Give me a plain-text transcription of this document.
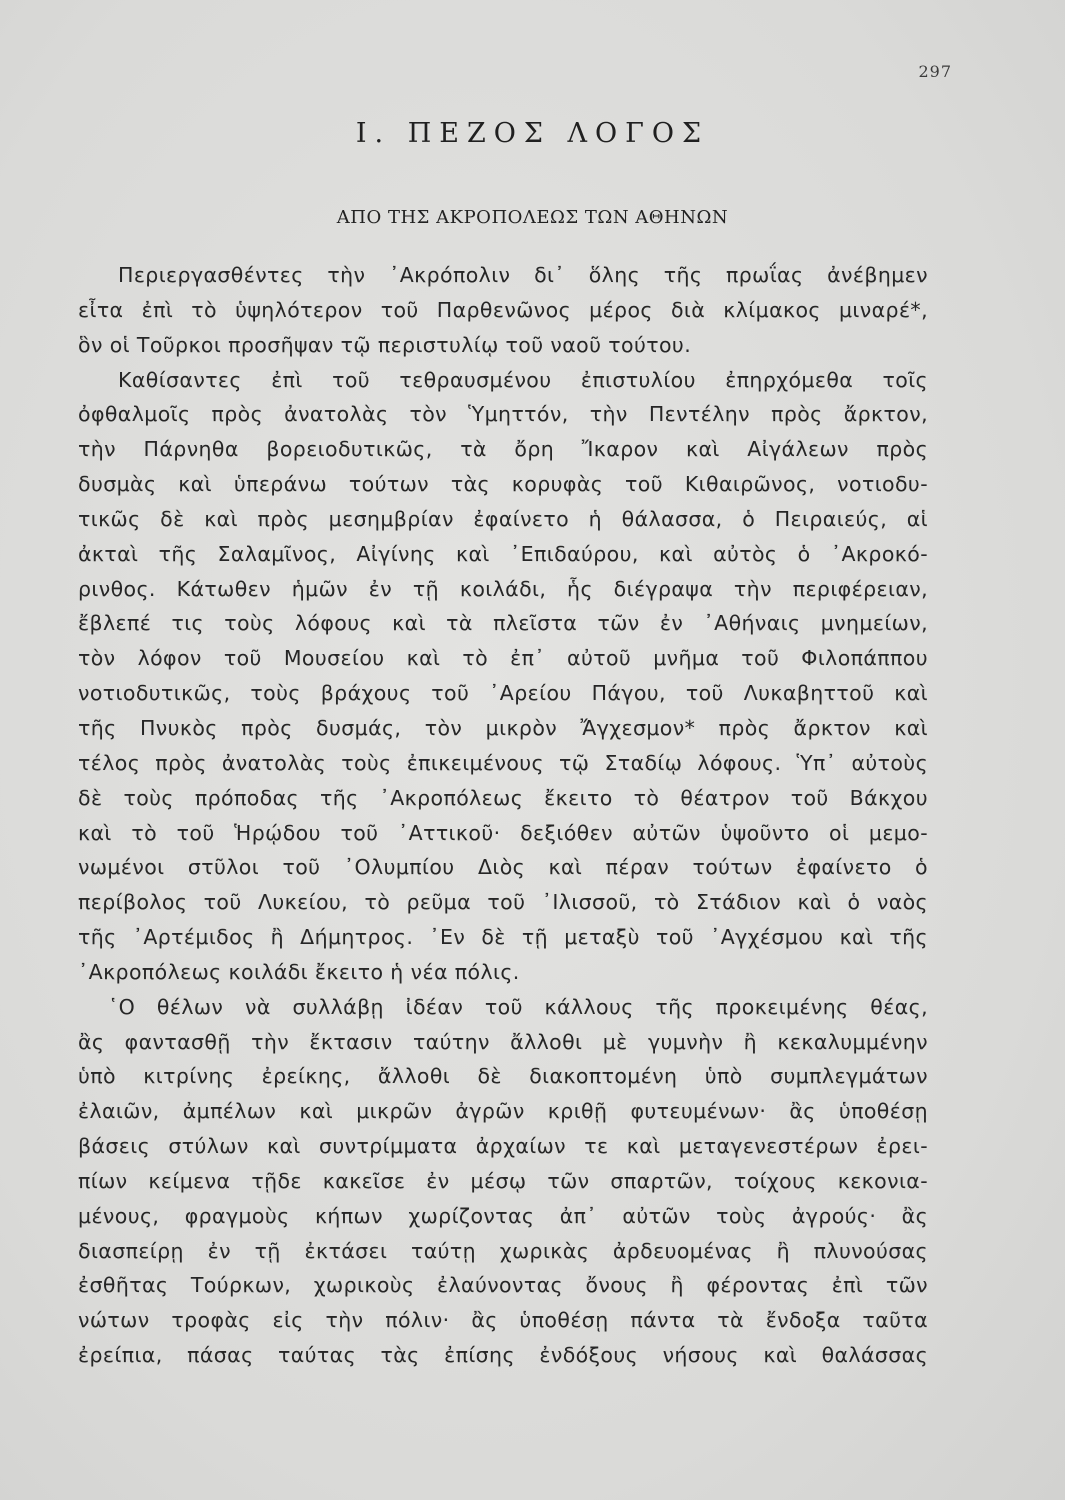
297
I. ΠΕΖΟΣ ΛΟΓΟΣ
ΑΠΟ ΤΗΣ ΑΚΡΟΠΟΛΕΩΣ ΤΩΝ ΑΘΗΝΩΝ
Περιεργασθέντες τὴν ᾿Ακρόπολιν δι᾿ ὅλης τῆς πρωΐας ἀνέβημεν
εἶτα ἐπὶ τὸ ὑψηλότερον τοῦ Παρθενῶνος μέρος διὰ κλίμακος μιναρέ*,
ὃν οἱ Τοῦρκοι προσῆψαν τῷ περιστυλίῳ τοῦ ναοῦ τούτου.
Καθίσαντες ἐπὶ τοῦ τεθραυσμένου ἐπιστυλίου ἐπηρχόμεθα τοῖς
ὀφθαλμοῖς πρὸς ἀνατολὰς τὸν Ὑμηττόν, τὴν Πεντέλην πρὸς ἄρκτον,
τὴν Πάρνηθα βορειοδυτικῶς, τὰ ὄρη Ἴκαρον καὶ Αἰγάλεων πρὸς
δυσμὰς καὶ ὑπεράνω τούτων τὰς κορυφὰς τοῦ Κιθαιρῶνος, νοτιοδυ-
τικῶς δὲ καὶ πρὸς μεσημβρίαν ἐφαίνετο ἡ θάλασσα, ὁ Πειραιεύς, αἱ
ἀκταὶ τῆς Σαλαμῖνος, Αἰγίνης καὶ ᾿Επιδαύρου, καὶ αὐτὸς ὁ ᾿Ακροκό-
ρινθος. Κάτωθεν ἡμῶν ἐν τῇ κοιλάδι, ἧς διέγραψα τὴν περιφέρειαν,
ἔβλεπέ τις τοὺς λόφους καὶ τὰ πλεῖστα τῶν ἐν ᾿Αθήναις μνημείων,
τὸν λόφον τοῦ Μουσείου καὶ τὸ ἐπ᾿ αὐτοῦ μνῆμα τοῦ Φιλοπάππου
νοτιοδυτικῶς, τοὺς βράχους τοῦ ᾿Αρείου Πάγου, τοῦ Λυκαβηττοῦ καὶ
τῆς Πνυκὸς πρὸς δυσμάς, τὸν μικρὸν Ἄγχεσμον* πρὸς ἄρκτον καὶ
τέλος πρὸς ἀνατολὰς τοὺς ἐπικειμένους τῷ Σταδίῳ λόφους. Ὑπ᾿ αὐτοὺς
δὲ τοὺς πρόποδας τῆς ᾿Ακροπόλεως ἔκειτο τὸ θέατρον τοῦ Βάκχου
καὶ τὸ τοῦ Ἡρῴδου τοῦ ᾿Αττικοῦ· δεξιόθεν αὐτῶν ὑψοῦντο οἱ μεμο-
νωμένοι στῦλοι τοῦ ᾿Ολυμπίου Διὸς καὶ πέραν τούτων ἐφαίνετο ὁ
περίβολος τοῦ Λυκείου, τὸ ρεῦμα τοῦ ᾿Ιλισσοῦ, τὸ Στάδιον καὶ ὁ ναὸς
τῆς ᾿Αρτέμιδος ἢ Δήμητρος. ᾿Εν δὲ τῇ μεταξὺ τοῦ ᾿Αγχέσμου καὶ τῆς
᾿Ακροπόλεως κοιλάδι ἔκειτο ἡ νέα πόλις.
῾Ο θέλων νὰ συλλάβῃ ἰδέαν τοῦ κάλλους τῆς προκειμένης θέας,
ἂς φαντασθῇ τὴν ἔκτασιν ταύτην ἄλλοθι μὲ γυμνὴν ἢ κεκαλυμμένην
ὑπὸ κιτρίνης ἐρείκης, ἄλλοθι δὲ διακοπτομένη ὑπὸ συμπλεγμάτων
ἐλαιῶν, ἀμπέλων καὶ μικρῶν ἀγρῶν κριθῇ φυτευμένων· ἂς ὑποθέσῃ
βάσεις στύλων καὶ συντρίμματα ἀρχαίων τε καὶ μεταγενεστέρων ἐρει-
πίων κείμενα τῇδε κακεῖσε ἐν μέσῳ τῶν σπαρτῶν, τοίχους κεκονια-
μένους, φραγμοὺς κήπων χωρίζοντας ἀπ᾿ αὐτῶν τοὺς ἀγρούς· ἂς
διασπείρῃ ἐν τῇ ἐκτάσει ταύτῃ χωρικὰς ἀρδευομένας ἢ πλυνούσας
ἐσθῆτας Τούρκων, χωρικοὺς ἐλαύνοντας ὄνους ἢ φέροντας ἐπὶ τῶν
νώτων τροφὰς εἰς τὴν πόλιν· ἂς ὑποθέσῃ πάντα τὰ ἔνδοξα ταῦτα
ἐρείπια, πάσας ταύτας τὰς ἐπίσης ἐνδόξους νήσους καὶ θαλάσσας
